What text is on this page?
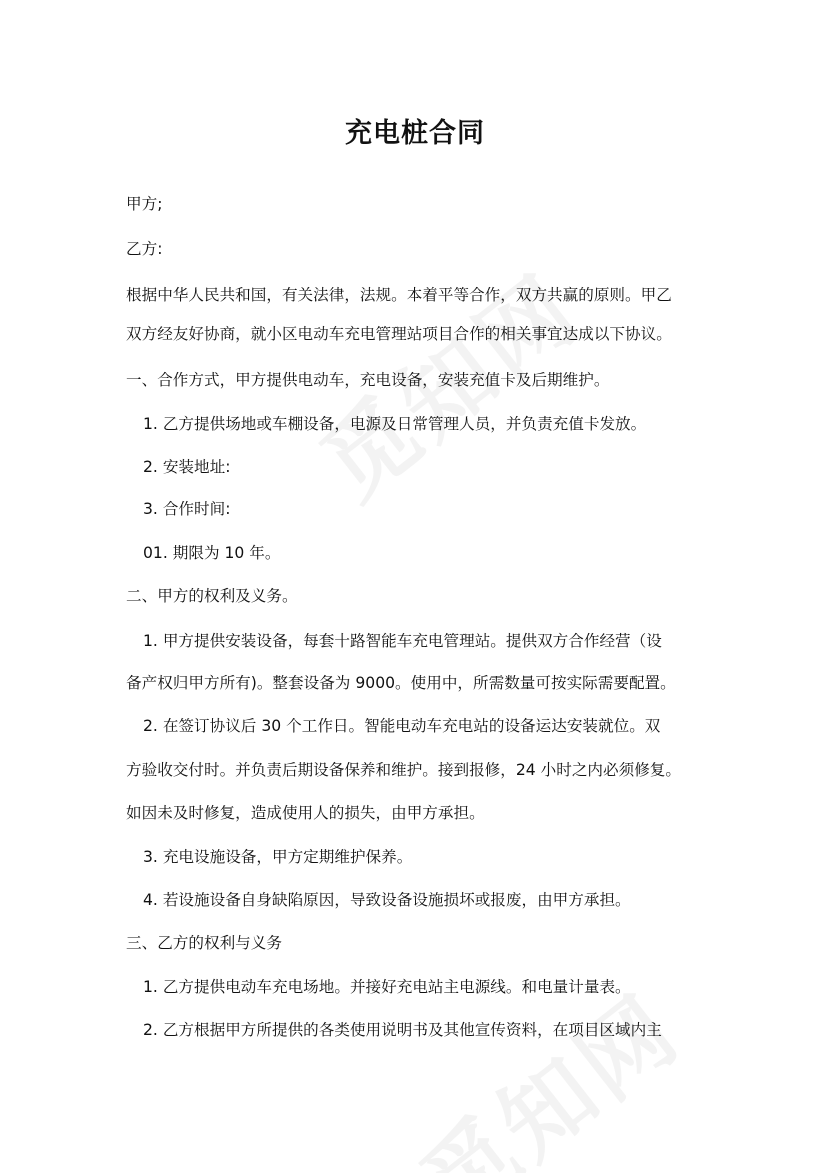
充电桩合同

甲方;

乙方:

根据中华人民共和国，有关法律，法规。本着平等合作，双方共赢的原则。甲乙

双方经友好协商，就小区电动车充电管理站项目合作的相关事宜达成以下协议。

一、合作方式，甲方提供电动车，充电设备，安装充值卡及后期维护。

1. 乙方提供场地或车棚设备，电源及日常管理人员，并负责充值卡发放。

2. 安装地址:

3. 合作时间:

01. 期限为 10 年。

二、甲方的权利及义务。

1. 甲方提供安装设备，每套十路智能车充电管理站。提供双方合作经营（设

备产权归甲方所有)。整套设备为 9000。使用中，所需数量可按实际需要配置。

2. 在签订协议后 30 个工作日。智能电动车充电站的设备运达安装就位。双

方验收交付时。并负责后期设备保养和维护。接到报修，24 小时之内必须修复。

如因未及时修复，造成使用人的损失，由甲方承担。

3. 充电设施设备，甲方定期维护保养。

4. 若设施设备自身缺陷原因，导致设备设施损坏或报废，由甲方承担。

三、乙方的权利与义务

1. 乙方提供电动车充电场地。并接好充电站主电源线。和电量计量表。

2. 乙方根据甲方所提供的各类使用说明书及其他宣传资料，在项目区域内主
